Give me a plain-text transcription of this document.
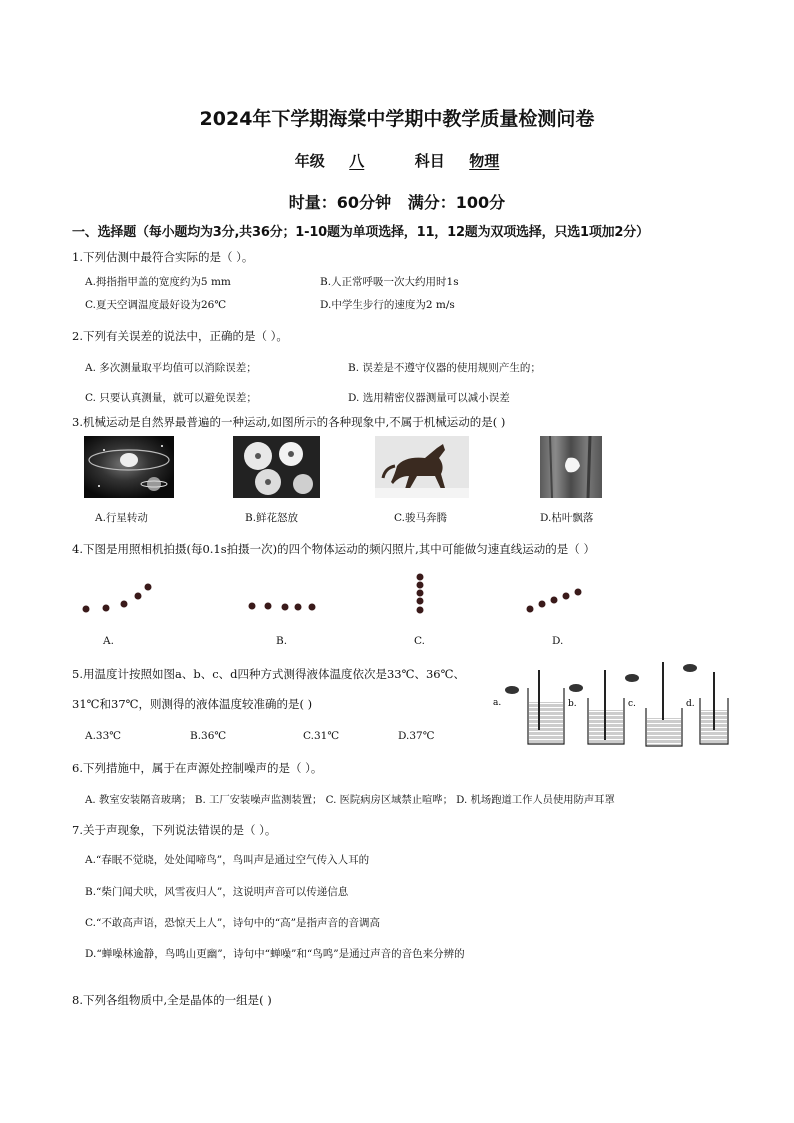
2024年下学期海棠中学期中教学质量检测问卷
年级 八	科目 物理
时量：60分钟   满分：100分
一、选择题（每小题均为3分,共36分；1-10题为单项选择，11，12题为双项选择，只选1项加2分）
1.下列估测中最符合实际的是（ ）。
A.拇指指甲盖的宽度约为5 mm	B.人正常呼吸一次大约用时1s
C.夏天空调温度最好设为26℃	D.中学生步行的速度为2 m/s
2.下列有关误差的说法中，正确的是（ ）。
A. 多次测量取平均值可以消除误差；	B. 误差是不遵守仪器的使用规则产生的；
C. 只要认真测量，就可以避免误差；	D. 选用精密仪器测量可以减小误差
3.机械运动是自然界最普遍的一种运动,如图所示的各种现象中,不属于机械运动的是( )
A.行星转动	B.鲜花怒放	C.骏马奔腾	D.枯叶飘落
4.下图是用照相机拍摄(每0.1s拍摄一次)的四个物体运动的频闪照片,其中可能做匀速直线运动的是（ ）
A.	B.	C.	D.
5.用温度计按照如图a、b、c、d四种方式测得液体温度依次是33℃、36℃、
31℃和37℃，则测得的液体温度较准确的是( )
A.33℃	B.36℃	C.31℃	D.37℃
a.	b.	c.	d.
6.下列措施中，属于在声源处控制噪声的是（ ）。
A. 教室安装隔音玻璃； B. 工厂安装噪声监测装置； C. 医院病房区域禁止喧哗； D. 机场跑道工作人员使用防声耳罩
7.关于声现象，下列说法错误的是（ ）。
A.“春眠不觉晓，处处闻啼鸟”，鸟叫声是通过空气传入人耳的
B.“柴门闻犬吠，风雪夜归人”，这说明声音可以传递信息
C.“不敢高声语，恐惊天上人”，诗句中的“高”是指声音的音调高
D.“蝉噪林逾静，鸟鸣山更幽”，诗句中“蝉噪”和“鸟鸣”是通过声音的音色来分辨的
8.下列各组物质中,全是晶体的一组是( )
